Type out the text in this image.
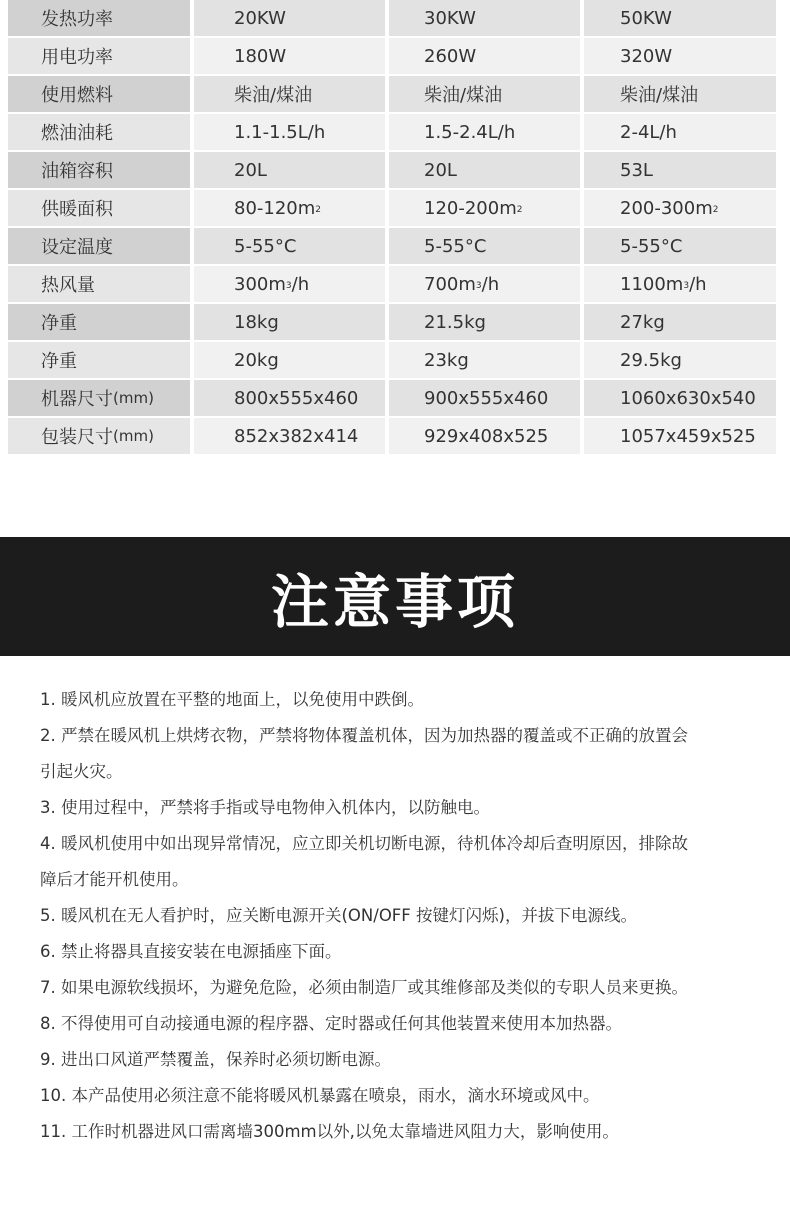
发热功率	20KW	30KW	50KW
用电功率	180W	260W	320W
使用燃料	柴油/煤油	柴油/煤油	柴油/煤油
燃油油耗	1.1-1.5L/h	1.5-2.4L/h	2-4L/h
油箱容积	20L	20L	53L
供暖面积	$80-120m^2$	$120-200m^2$	$200-300m^2$
设定温度	5-55°C	5-55°C	5-55°C
热风量	$300m^3$ /h	$700m^3$ /h	$1100m^3$ /h
净重	18kg	21.5kg	27kg
净重	20kg	23kg	29.5kg
机器尺寸 (mm)	800x555x460	900x555x460	1060x630x540
包装尺寸 (mm)	852x382x414	929x408x525	1057x459x525
注意事项

1. 暖风机应放置在平整的地面上，以免使用中跌倒。

2. 严禁在暖风机上烘烤衣物，严禁将物体覆盖机体，因为加热器的覆盖或不正确的放置会

引起火灾。

3. 使用过程中，严禁将手指或导电物伸入机体内，以防触电。

4. 暖风机使用中如出现异常情况，应立即关机切断电源，待机体冷却后查明原因，排除故

障后才能开机使用。

5. 暖风机在无人看护时，应关断电源开关(ON/OFF 按键灯闪烁)，并拔下电源线。

6. 禁止将器具直接安装在电源插座下面。

7. 如果电源软线损坏，为避免危险，必须由制造厂或其维修部及类似的专职人员来更换。

8. 不得使用可自动接通电源的程序器、定时器或任何其他装置来使用本加热器。

9. 进出口风道严禁覆盖，保养时必须切断电源。

10. 本产品使用必须注意不能将暖风机暴露在喷泉，雨水，滴水环境或风中。

11. 工作时机器进风口需离墙300mm以外,以免太靠墙进风阻力大，影响使用。
